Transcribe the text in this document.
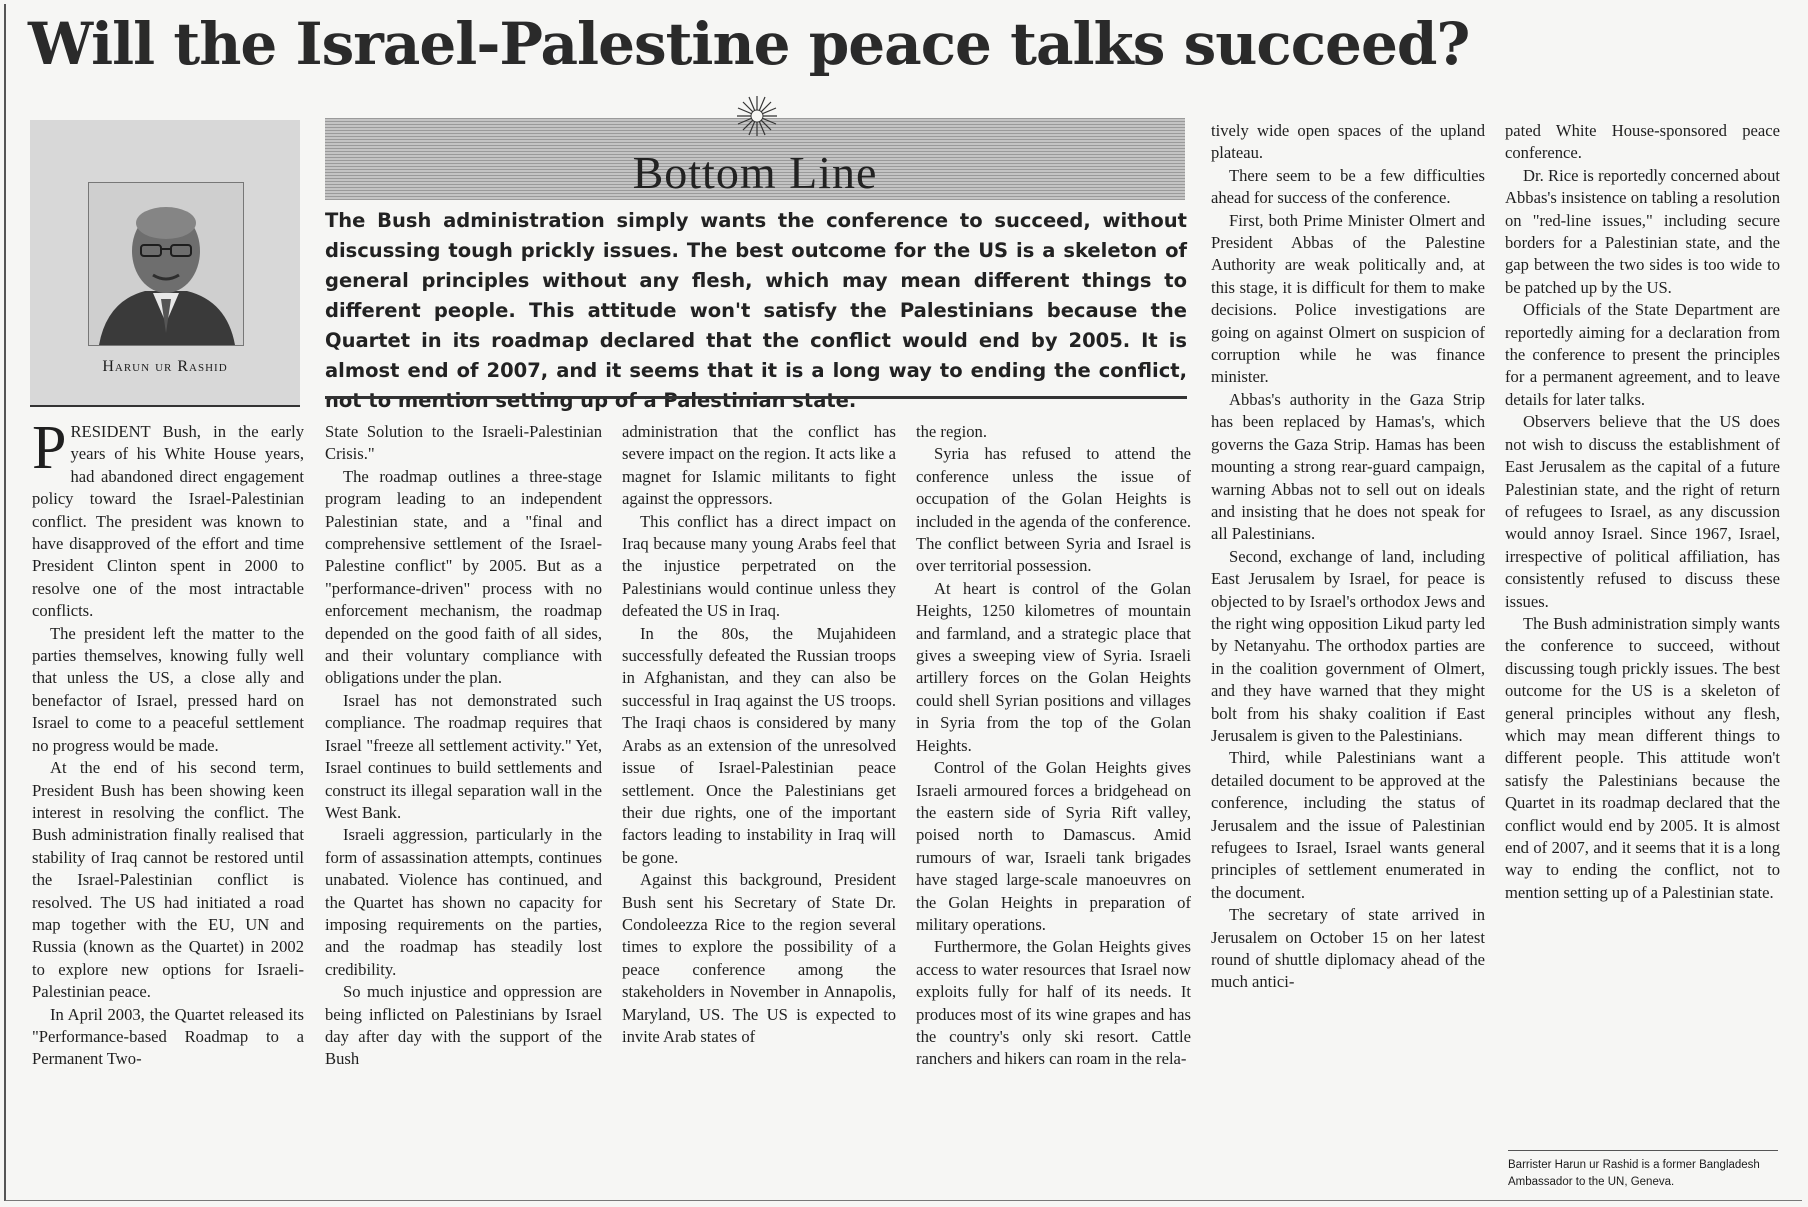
Will the Israel-Palestine peace talks succeed?
Harun ur Rashid
Bottom Line
The Bush administration simply wants the conference to succeed, without discussing tough prickly issues. The best outcome for the US is a skeleton of general principles without any flesh, which may mean different things to different people. This attitude won't satisfy the Palestinians because the Quartet in its roadmap declared that the conflict would end by 2005. It is almost end of 2007, and it seems that it is a long way to ending the conflict, not to mention setting up of a Palestinian state.

PRESIDENT Bush, in the early years of his White House years, had abandoned direct engagement policy toward the Israel-Palestinian conflict. The president was known to have disapproved of the effort and time President Clinton spent in 2000 to resolve one of the most intractable conflicts.

The president left the matter to the parties themselves, knowing fully well that unless the US, a close ally and benefactor of Israel, pressed hard on Israel to come to a peaceful settlement no progress would be made.

At the end of his second term, President Bush has been showing keen interest in resolving the conflict. The Bush administration finally realised that stability of Iraq cannot be restored until the Israel-Palestinian conflict is resolved. The US had initiated a road map together with the EU, UN and Russia (known as the Quartet) in 2002 to explore new options for Israeli-Palestinian peace.

In April 2003, the Quartet released its "Performance-based Roadmap to a Permanent Two-

State Solution to the Israeli-Palestinian Crisis."

The roadmap outlines a three-stage program leading to an independent Palestinian state, and a "final and comprehensive settlement of the Israel-Palestine conflict" by 2005. But as a "performance-driven" process with no enforcement mechanism, the roadmap depended on the good faith of all sides, and their voluntary compliance with obligations under the plan.

Israel has not demonstrated such compliance. The roadmap requires that Israel "freeze all settlement activity." Yet, Israel continues to build settlements and construct its illegal separation wall in the West Bank.

Israeli aggression, particularly in the form of assassination attempts, continues unabated. Violence has continued, and the Quartet has shown no capacity for imposing requirements on the parties, and the roadmap has steadily lost credibility.

So much injustice and oppression are being inflicted on Palestinians by Israel day after day with the support of the Bush

administration that the conflict has severe impact on the region. It acts like a magnet for Islamic militants to fight against the oppressors.

This conflict has a direct impact on Iraq because many young Arabs feel that the injustice perpetrated on the Palestinians would continue unless they defeated the US in Iraq.

In the 80s, the Mujahideen successfully defeated the Russian troops in Afghanistan, and they can also be successful in Iraq against the US troops. The Iraqi chaos is considered by many Arabs as an extension of the unresolved issue of Israel-Palestinian peace settlement. Once the Palestinians get their due rights, one of the important factors leading to instability in Iraq will be gone.

Against this background, President Bush sent his Secretary of State Dr. Condoleezza Rice to the region several times to explore the possibility of a peace conference among the stakeholders in November in Annapolis, Maryland, US. The US is expected to invite Arab states of

the region.

Syria has refused to attend the conference unless the issue of occupation of the Golan Heights is included in the agenda of the conference. The conflict between Syria and Israel is over territorial possession.

At heart is control of the Golan Heights, 1250 kilometres of mountain and farmland, and a strategic place that gives a sweeping view of Syria. Israeli artillery forces on the Golan Heights could shell Syrian positions and villages in Syria from the top of the Golan Heights.

Control of the Golan Heights gives Israeli armoured forces a bridgehead on the eastern side of Syria Rift valley, poised north to Damascus. Amid rumours of war, Israeli tank brigades have staged large-scale manoeuvres on the Golan Heights in preparation of military operations.

Furthermore, the Golan Heights gives access to water resources that Israel now exploits fully for half of its needs. It produces most of its wine grapes and has the country's only ski resort. Cattle ranchers and hikers can roam in the rela-

tively wide open spaces of the upland plateau.

There seem to be a few difficulties ahead for success of the conference.

First, both Prime Minister Olmert and President Abbas of the Palestine Authority are weak politically and, at this stage, it is difficult for them to make decisions. Police investigations are going on against Olmert on suspicion of corruption while he was finance minister.

Abbas's authority in the Gaza Strip has been replaced by Hamas's, which governs the Gaza Strip. Hamas has been mounting a strong rear-guard campaign, warning Abbas not to sell out on ideals and insisting that he does not speak for all Palestinians.

Second, exchange of land, including East Jerusalem by Israel, for peace is objected to by Israel's orthodox Jews and the right wing opposition Likud party led by Netanyahu. The orthodox parties are in the coalition government of Olmert, and they have warned that they might bolt from his shaky coalition if East Jerusalem is given to the Palestinians.

Third, while Palestinians want a detailed document to be approved at the conference, including the status of Jerusalem and the issue of Palestinian refugees to Israel, Israel wants general principles of settlement enumerated in the document.

The secretary of state arrived in Jerusalem on October 15 on her latest round of shuttle diplomacy ahead of the much antici-

pated White House-sponsored peace conference.

Dr. Rice is reportedly concerned about Abbas's insistence on tabling a resolution on "red-line issues," including secure borders for a Palestinian state, and the gap between the two sides is too wide to be patched up by the US.

Officials of the State Department are reportedly aiming for a declaration from the conference to present the principles for a permanent agreement, and to leave details for later talks.

Observers believe that the US does not wish to discuss the establishment of East Jerusalem as the capital of a future Palestinian state, and the right of return of refugees to Israel, as any discussion would annoy Israel. Since 1967, Israel, irrespective of political affiliation, has consistently refused to discuss these issues.

The Bush administration simply wants the conference to succeed, without discussing tough prickly issues. The best outcome for the US is a skeleton of general principles without any flesh, which may mean different things to different people. This attitude won't satisfy the Palestinians because the Quartet in its roadmap declared that the conflict would end by 2005. It is almost end of 2007, and it seems that it is a long way to ending the conflict, not to mention setting up of a Palestinian state.

Barrister Harun ur Rashid is a former Bangladesh Ambassador to the UN, Geneva.
